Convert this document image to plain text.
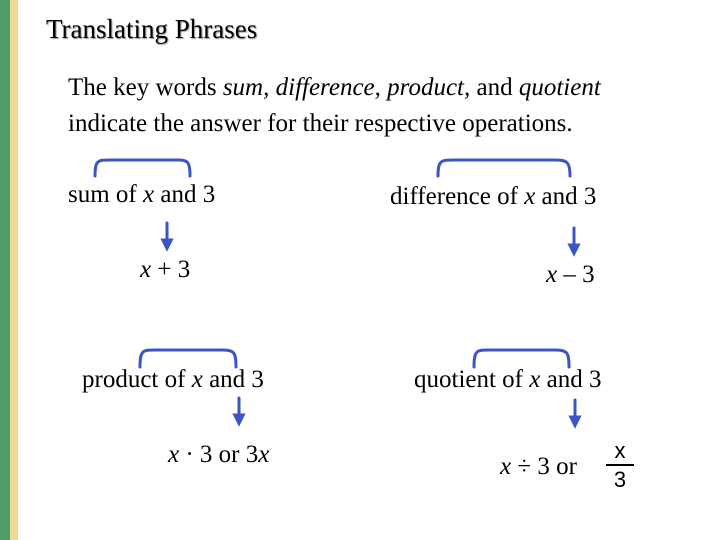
Translating Phrases
The key words sum, difference, product, and quotient
indicate the answer for their respective operations.
sum of x and 3
x + 3
difference of x and 3
x – 3
product of x and 3
x · 3 or 3x
quotient of x and 3
x ÷ 3 or
x
3
